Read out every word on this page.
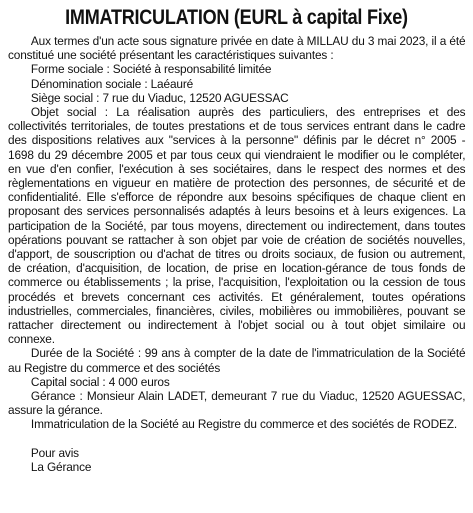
IMMATRICULATION (EURL à capital Fixe)

Aux termes d'un acte sous signature privée en date à MILLAU du 3 mai 2023, il a été constitué une société présentant les caractéristiques suivantes :

Forme sociale : Société à responsabilité limitée

Dénomination sociale : Laéauré

Siège social : 7 rue du Viaduc, 12520 AGUESSAC

Objet social : La réalisation auprès des particuliers, des entreprises et des collectivités territoriales, de toutes prestations et de tous services entrant dans le cadre des dispositions relatives aux "services à la personne" définis par le décret n° 2005 - 1698 du 29 décembre 2005 et par tous ceux qui viendraient le modifier ou le compléter, en vue d'en confier, l'exécution à ses sociétaires, dans le respect des normes et des règlementations en vigueur en matière de protection des personnes, de sécurité et de confidentialité. Elle s'efforce de répondre aux besoins spécifiques de chaque client en proposant des services personnalisés adaptés à leurs besoins et à leurs exigences. La participation de la Société, par tous moyens, directement ou indirectement, dans toutes opérations pouvant se rattacher à son objet par voie de création de sociétés nouvelles, d'apport, de souscription ou d'achat de titres ou droits sociaux, de fusion ou autrement, de création, d'acquisition, de location, de prise en location-gérance de tous fonds de commerce ou établissements ; la prise, l'acquisition, l'exploitation ou la cession de tous procédés et brevets concernant ces activités. Et généralement, toutes opérations industrielles, commerciales, financières, civiles, mobilières ou immobilières, pouvant se rattacher directement ou indirectement à l'objet social ou à tout objet similaire ou connexe.

Durée de la Société : 99 ans à compter de la date de l'immatriculation de la Société au Registre du commerce et des sociétés

Capital social : 4 000 euros

Gérance : Monsieur Alain LADET, demeurant 7 rue du Viaduc, 12520 AGUESSAC, assure la gérance.

Immatriculation de la Société au Registre du commerce et des sociétés de RODEZ.

Pour avis

La Gérance
